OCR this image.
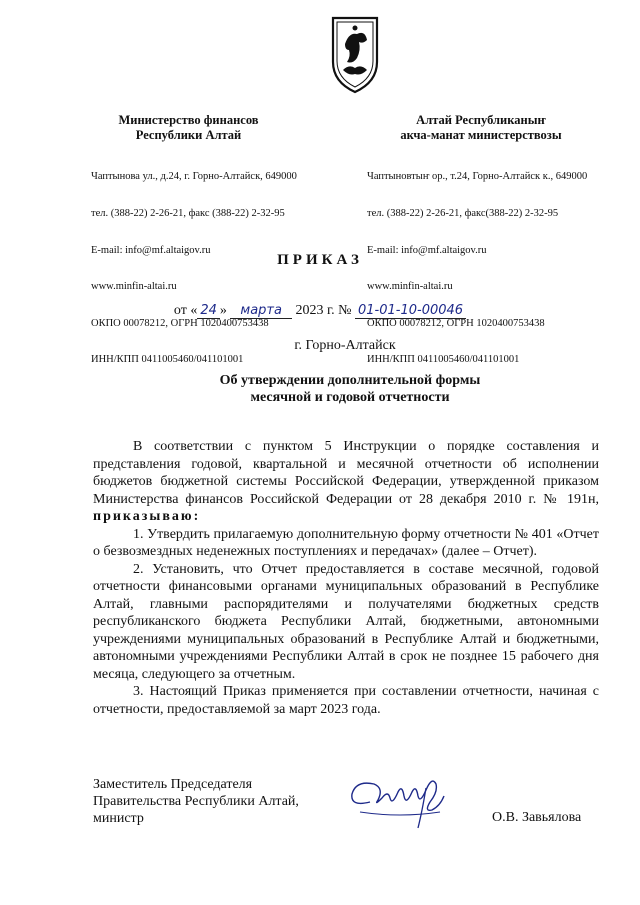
Министерство финансов
Республики Алтай

Чаптынова ул., д.24, г. Горно-Алтайск, 649000

тел. (388-22) 2-26-21, факс (388-22) 2-32-95

E-mail: info@mf.altaigov.ru

www.minfin-altai.ru

ОКПО 00078212, ОГРН 1020400753438

ИНН/КПП 0411005460/041101001

Алтай Республиканыҥ
акча-манат министерствозы

Чаптыновтыҥ ор., т.24, Горно-Алтайск к., 649000

тел. (388-22) 2-26-21, факс(388-22) 2-32-95

E-mail: info@mf.altaigov.ru

www.minfin-altai.ru

ОКПО 00078212, ОГРН 1020400753438

ИНН/КПП 0411005460/041101001

ПРИКАЗ
от « 24 » марта 2023 г. № 01-01-10-00046
г. Горно-Алтайск
Об утверждении дополнительной формы
месячной и годовой отчетности

В соответствии с пунктом 5 Инструкции о порядке составления и представления годовой, квартальной и месячной отчетности об исполнении бюджетов бюджетной системы Российской Федерации, утвержденной приказом Министерства финансов Российской Федерации от 28 декабря 2010 г. № 191н, приказываю:

1. Утвердить прилагаемую дополнительную форму отчетности № 401 «Отчет о безвозмездных неденежных поступлениях и передачах» (далее – Отчет).

2. Установить, что Отчет предоставляется в составе месячной, годовой отчетности финансовыми органами муниципальных образований в Республике Алтай, главными распорядителями и получателями бюджетных средств республиканского бюджета Республики Алтай, бюджетными, автономными учреждениями муниципальных образований в Республике Алтай и бюджетными, автономными учреждениями Республики Алтай в срок не позднее 15 рабочего дня месяца, следующего за отчетным.

3. Настоящий Приказ применяется при составлении отчетности, начиная с отчетности, предоставляемой за март 2023 года.

Заместитель Председателя
Правительства Республики Алтай,
министр	О.В. Завьялова
